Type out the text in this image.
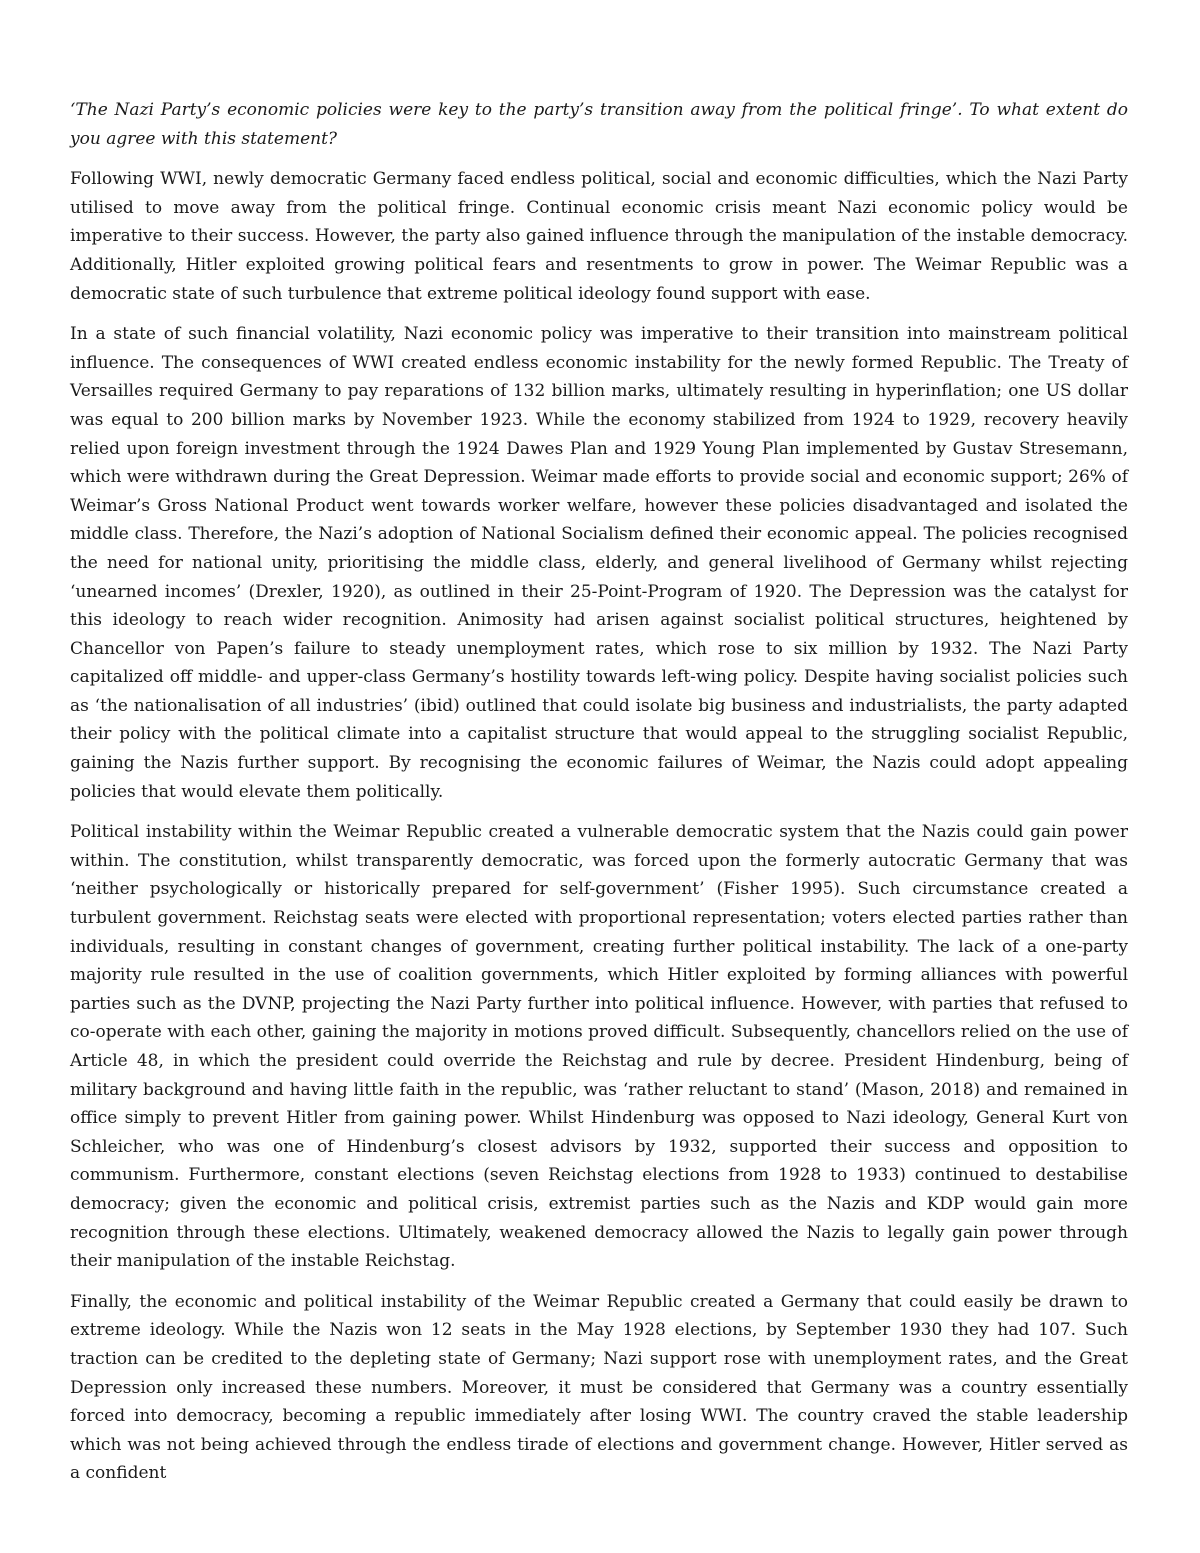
‘The Nazi Party’s economic policies were key to the party’s transition away from the political fringe’. To what extent do you agree with this statement?

Following WWI, newly democratic Germany faced endless political, social and economic difficulties, which the Nazi Party utilised to move away from the political fringe. Continual economic crisis meant Nazi economic policy would be imperative to their success. However, the party also gained influence through the manipulation of the instable democracy. Additionally, Hitler exploited growing political fears and resentments to grow in power. The Weimar Republic was a democratic state of such turbulence that extreme political ideology found support with ease.

In a state of such financial volatility, Nazi economic policy was imperative to their transition into mainstream political influence. The consequences of WWI created endless economic instability for the newly formed Republic. The Treaty of Versailles required Germany to pay reparations of 132 billion marks, ultimately resulting in hyperinflation; one US dollar was equal to 200 billion marks by November 1923. While the economy stabilized from 1924 to 1929, recovery heavily relied upon foreign investment through the 1924 Dawes Plan and 1929 Young Plan implemented by Gustav Stresemann, which were withdrawn during the Great Depression. Weimar made efforts to provide social and economic support; 26% of Weimar’s Gross National Product went towards worker welfare, however these policies disadvantaged and isolated the middle class. Therefore, the Nazi’s adoption of National Socialism defined their economic appeal. The policies recognised the need for national unity, prioritising the middle class, elderly, and general livelihood of Germany whilst rejecting ‘unearned incomes’ (Drexler, 1920), as outlined in their 25-Point-Program of 1920. The Depression was the catalyst for this ideology to reach wider recognition. Animosity had arisen against socialist political structures, heightened by Chancellor von Papen’s failure to steady unemployment rates, which rose to six million by 1932. The Nazi Party capitalized off middle- and upper-class Germany’s hostility towards left-wing policy. Despite having socialist policies such as ‘the nationalisation of all industries’ (ibid) outlined that could isolate big business and industrialists, the party adapted their policy with the political climate into a capitalist structure that would appeal to the struggling socialist Republic, gaining the Nazis further support. By recognising the economic failures of Weimar, the Nazis could adopt appealing policies that would elevate them politically.

Political instability within the Weimar Republic created a vulnerable democratic system that the Nazis could gain power within. The constitution, whilst transparently democratic, was forced upon the formerly autocratic Germany that was ‘neither psychologically or historically prepared for self-government’ (Fisher 1995). Such circumstance created a turbulent government. Reichstag seats were elected with proportional representation; voters elected parties rather than individuals, resulting in constant changes of government, creating further political instability. The lack of a one-party majority rule resulted in the use of coalition governments, which Hitler exploited by forming alliances with powerful parties such as the DVNP, projecting the Nazi Party further into political influence. However, with parties that refused to co-operate with each other, gaining the majority in motions proved difficult. Subsequently, chancellors relied on the use of Article 48, in which the president could override the Reichstag and rule by decree. President Hindenburg, being of military background and having little faith in the republic, was ‘rather reluctant to stand’ (Mason, 2018) and remained in office simply to prevent Hitler from gaining power. Whilst Hindenburg was opposed to Nazi ideology, General Kurt von Schleicher, who was one of Hindenburg’s closest advisors by 1932, supported their success and opposition to communism. Furthermore, constant elections (seven Reichstag elections from 1928 to 1933) continued to destabilise democracy; given the economic and political crisis, extremist parties such as the Nazis and KDP would gain more recognition through these elections. Ultimately, weakened democracy allowed the Nazis to legally gain power through their manipulation of the instable Reichstag.

Finally, the economic and political instability of the Weimar Republic created a Germany that could easily be drawn to extreme ideology. While the Nazis won 12 seats in the May 1928 elections, by September 1930 they had 107. Such traction can be credited to the depleting state of Germany; Nazi support rose with unemployment rates, and the Great Depression only increased these numbers. Moreover, it must be considered that Germany was a country essentially forced into democracy, becoming a republic immediately after losing WWI. The country craved the stable leadership which was not being achieved through the endless tirade of elections and government change. However, Hitler served as a confident
